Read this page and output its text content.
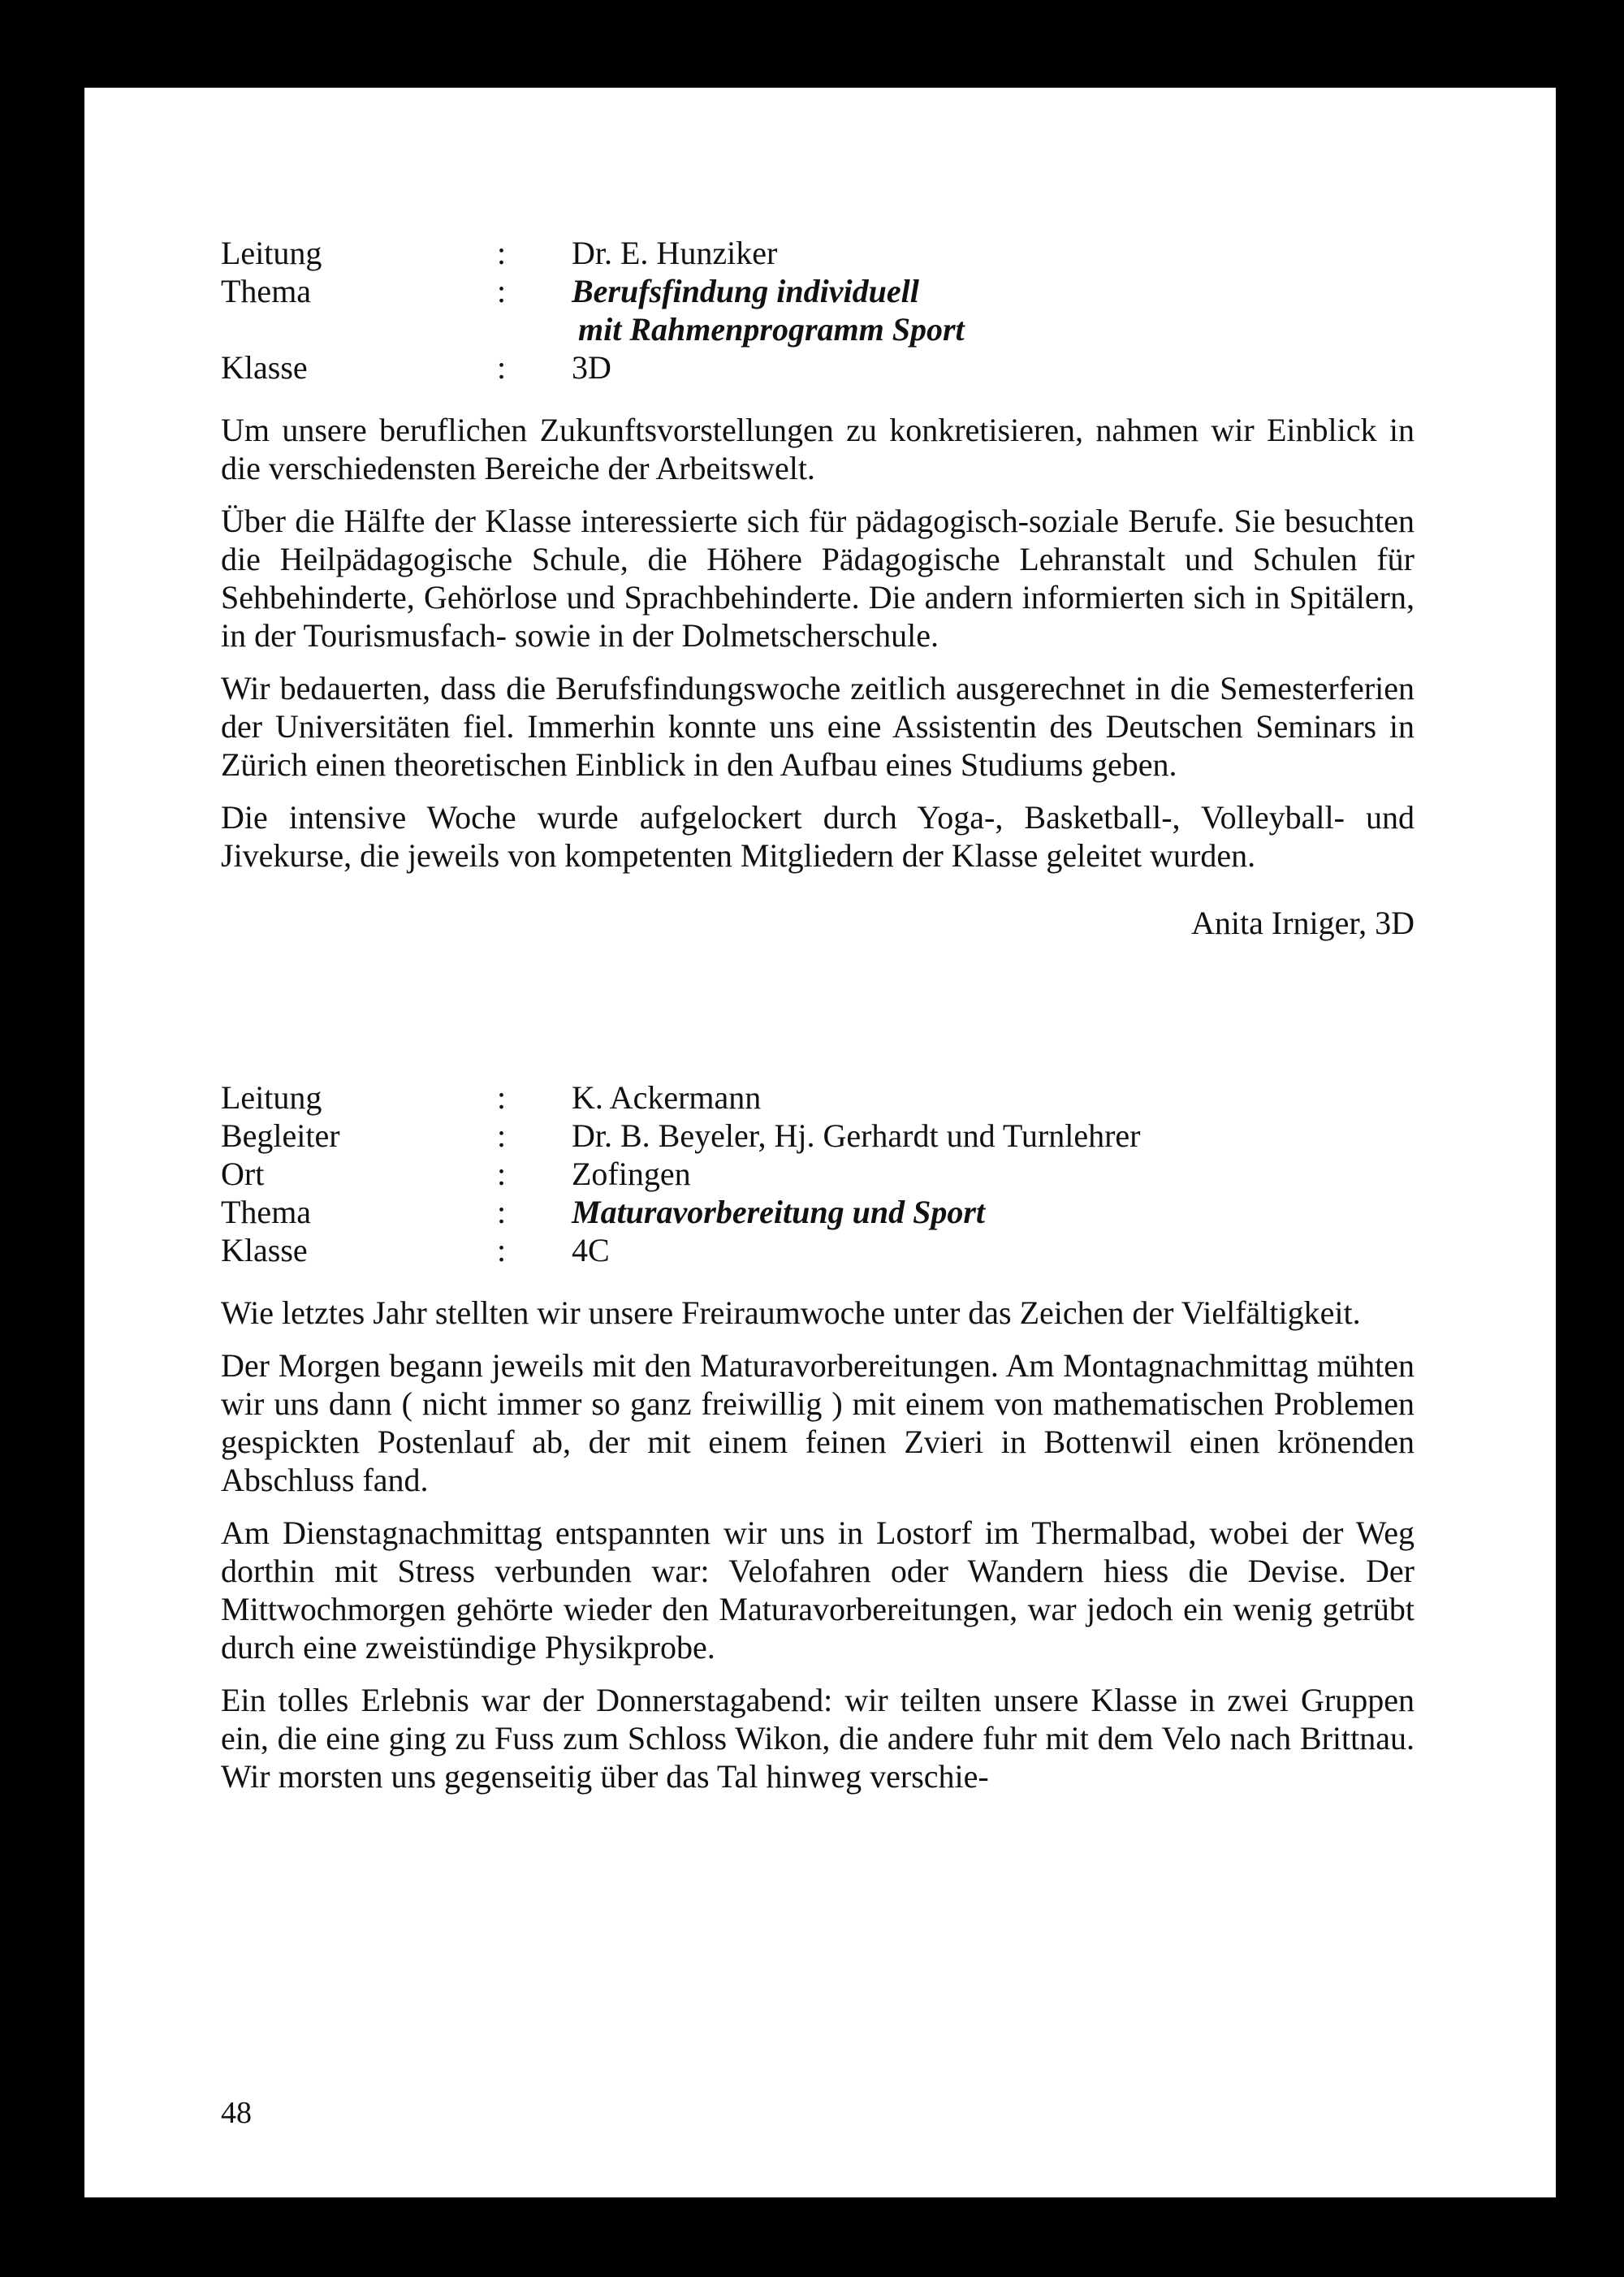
Leitung	:	Dr. E. Hunziker
Thema	:	Berufsfindung individuell
mit Rahmenprogramm Sport
Klasse	:	3D

Um unsere beruflichen Zukunftsvorstellungen zu konkretisieren, nahmen wir Einblick in die verschiedensten Bereiche der Arbeitswelt.

Über die Hälfte der Klasse interessierte sich für pädagogisch-soziale Berufe. Sie besuchten die Heilpädagogische Schule, die Höhere Pädagogische Lehranstalt und Schulen für Sehbehinderte, Gehörlose und Sprachbehinderte. Die andern informierten sich in Spitälern, in der Tourismusfach- sowie in der Dolmetscherschule.

Wir bedauerten, dass die Berufsfindungswoche zeitlich ausgerechnet in die Semesterferien der Universitäten fiel. Immerhin konnte uns eine Assistentin des Deutschen Seminars in Zürich einen theoretischen Einblick in den Aufbau eines Studiums geben.

Die intensive Woche wurde aufgelockert durch Yoga-, Basketball-, Volleyball- und Jivekurse, die jeweils von kompetenten Mitgliedern der Klasse geleitet wurden.

Anita Irniger, 3D
Leitung	:	K. Ackermann
Begleiter	:	Dr. B. Beyeler, Hj. Gerhardt und Turnlehrer
Ort	:	Zofingen
Thema	:	Maturavorbereitung und Sport
Klasse	:	4C

Wie letztes Jahr stellten wir unsere Freiraumwoche unter das Zeichen der Vielfältigkeit.

Der Morgen begann jeweils mit den Maturavorbereitungen. Am Montagnachmittag mühten wir uns dann ( nicht immer so ganz freiwillig ) mit einem von mathematischen Problemen gespickten Postenlauf ab, der mit einem feinen Zvieri in Bottenwil einen krönenden Abschluss fand.

Am Dienstagnachmittag entspannten wir uns in Lostorf im Thermalbad, wobei der Weg dorthin mit Stress verbunden war: Velofahren oder Wandern hiess die Devise. Der Mittwochmorgen gehörte wieder den Maturavorbereitungen, war jedoch ein wenig getrübt durch eine zweistündige Physikprobe.

Ein tolles Erlebnis war der Donnerstagabend: wir teilten unsere Klasse in zwei Gruppen ein, die eine ging zu Fuss zum Schloss Wikon, die andere fuhr mit dem Velo nach Brittnau. Wir morsten uns gegenseitig über das Tal hinweg verschie-

48
